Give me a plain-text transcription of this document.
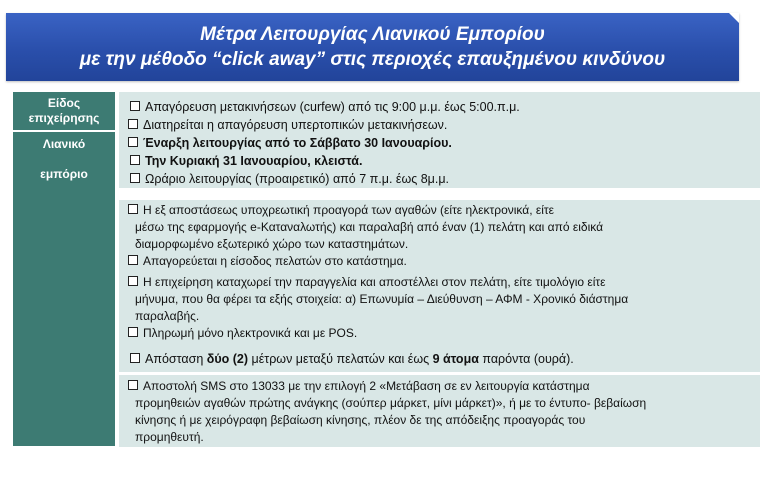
Μέτρα Λειτουργίας Λιανικού Εμπορίου
με την μέθοδο “click away” στις περιοχές επαυξημένου κινδύνου
Είδος
επιχείρησης
Λιανικό
εμπόριο
Απαγόρευση μετακινήσεων (curfew) από τις 9:00 μ.μ. έως 5:00.π.μ.
Διατηρείται η απαγόρευση υπερτοπικών μετακινήσεων.
Έναρξη λειτουργίας από το Σάββατο 30 Ιανουαρίου.
Την Κυριακή 31 Ιανουαρίου, κλειστά.
Ωράριο λειτουργίας (προαιρετικό) από 7 π.μ. έως 8μ.μ.
Η εξ αποστάσεως υποχρεωτική προαγορά των αγαθών (είτε ηλεκτρονικά, είτε
μέσω της εφαρμογής e-Καταναλωτής) και παραλαβή από έναν (1) πελάτη και από ειδικά
διαμορφωμένο εξωτερικό χώρο των καταστημάτων.
Απαγορεύεται η είσοδος πελατών στο κατάστημα.
Η επιχείρηση καταχωρεί την παραγγελία και αποστέλλει στον πελάτη, είτε τιμολόγιο είτε
μήνυμα, που θα φέρει τα εξής στοιχεία: α) Επωνυμία – Διεύθυνση – ΑΦΜ - Χρονικό διάστημα
παραλαβής.
Πληρωμή μόνο ηλεκτρονικά και με POS.
Απόσταση δύο (2) μέτρων μεταξύ πελατών και έως 9 άτομα παρόντα (ουρά).
Αποστολή SMS στο 13033 με την επιλογή 2 «Μετάβαση σε εν λειτουργία κατάστημα
προμηθειών αγαθών πρώτης ανάγκης (σούπερ μάρκετ, μίνι μάρκετ)», ή με το έντυπο- βεβαίωση
κίνησης ή με χειρόγραφη βεβαίωση κίνησης, πλέον δε της απόδειξης προαγοράς του
προμηθευτή.
